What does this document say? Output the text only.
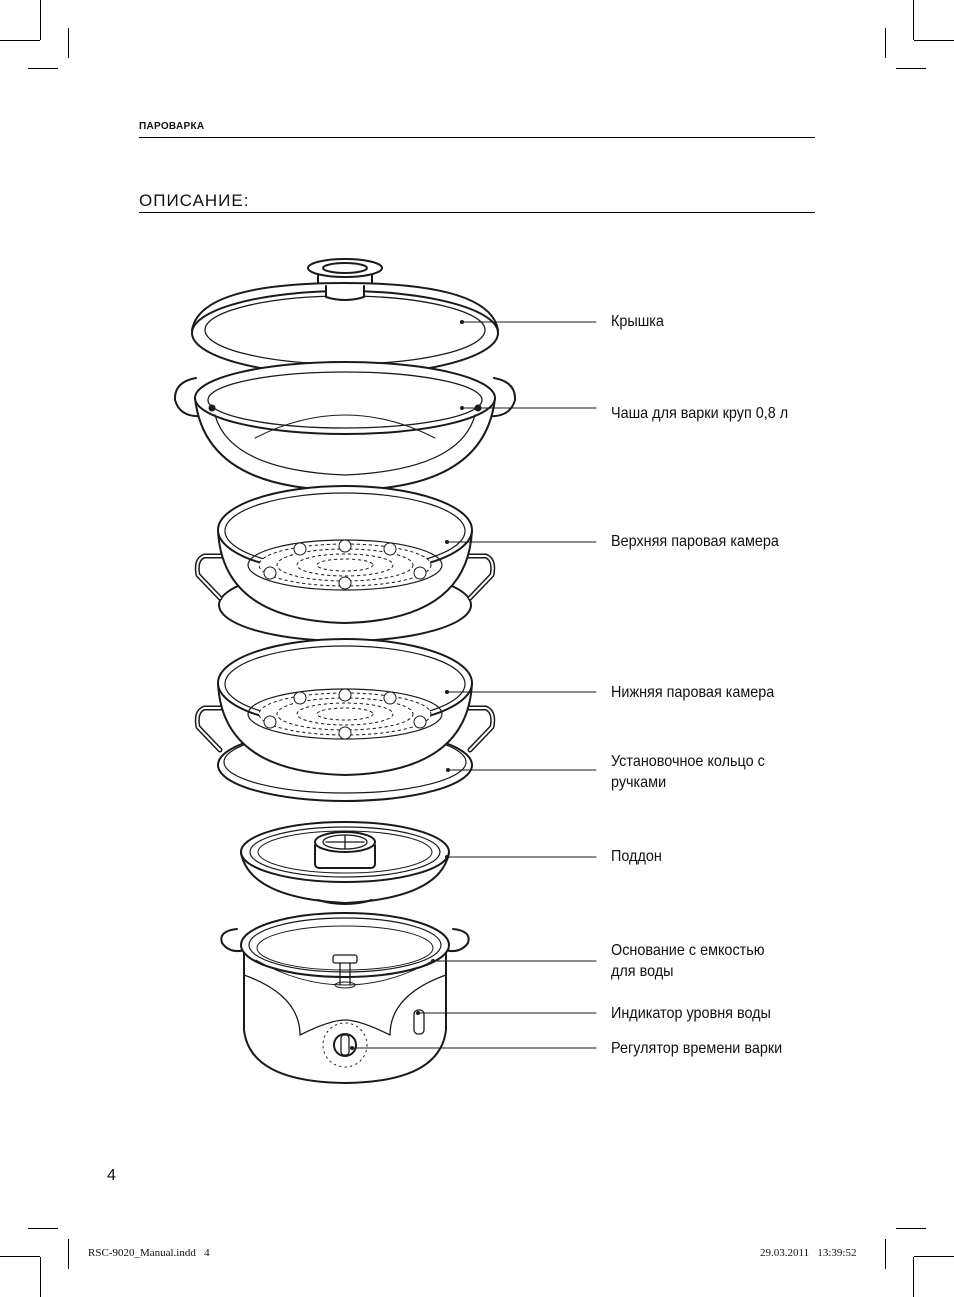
ПАРОВАРКА
ОПИСАНИЕ:
Крышка
Чаша для варки круп 0,8 л
Верхняя паровая камера
Нижняя паровая камера
Установочное кольцо с
ручками
Поддон
Основание с емкостью
для воды
Индикатор уровня воды
Регулятор времени варки
4
RSC-9020_Manual.indd   4	29.03.2011   13:39:52
